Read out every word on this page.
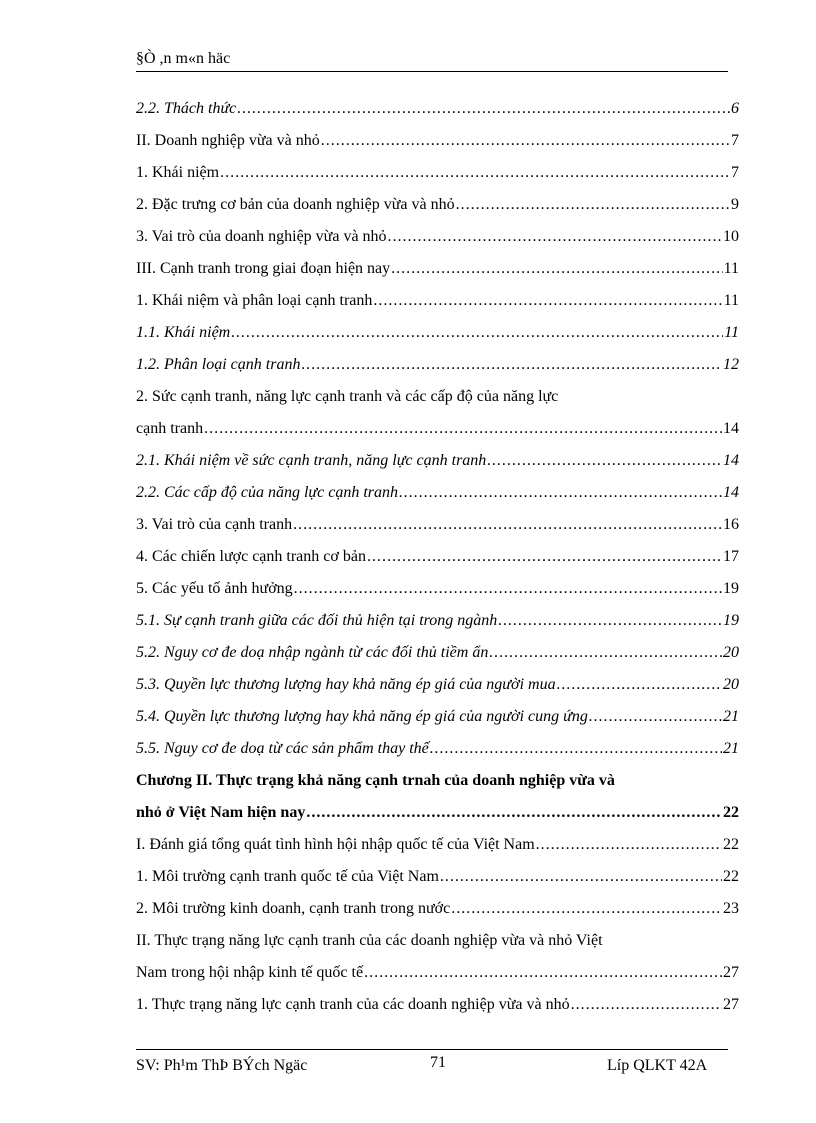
§Ò ,n m«n häc
2.2. Thách thức .....	6
II. Doanh nghiệp vừa và nhỏ .....	7
1. Khái niệm .....	7
2. Đặc trưng cơ bản của doanh nghiệp vừa và nhỏ .....	9
3. Vai trò của doanh nghiệp vừa và nhỏ .....	10
III. Cạnh tranh trong giai đoạn hiện nay .....	11
1. Khái niệm và phân loại cạnh tranh .....	11
1.1. Khái niệm .....	11
1.2. Phân loại cạnh tranh .....	12
2. Sức cạnh tranh, năng lực cạnh tranh và các cấp độ của năng lực
cạnh tranh .....	14
2.1. Khái niệm về sức cạnh tranh, năng lực cạnh tranh .....	14
2.2. Các cấp độ của năng lực cạnh tranh .....	14
3. Vai trò của cạnh tranh .....	16
4. Các chiến lược cạnh tranh cơ bản .....	17
5. Các yếu tố ảnh hưởng .....	19
5.1. Sự cạnh tranh giữa các đối thủ hiện tại trong ngành .....	19
5.2. Nguy cơ đe doạ nhập ngành từ các đối thủ tiềm ẩn .....	20
5.3. Quyền lực thương lượng hay khả năng ép giá của người mua .....	20
5.4. Quyền lực thương lượng hay khả năng ép giá của người cung ứng .....	21
5.5. Nguy cơ đe doạ từ các sản phẩm thay thế .....	21
Chương II. Thực trạng khả năng cạnh trnah của doanh nghiệp vừa và
nhỏ ở Việt Nam hiện nay .....	22
I. Đánh giá tổng quát tình hình hội nhập quốc tế của Việt Nam .....	22
1. Môi trường cạnh tranh quốc tế của Việt Nam .....	22
2. Môi trường kinh doanh, cạnh tranh trong nước .....	23
II. Thực trạng năng lực cạnh tranh của các doanh nghiệp vừa và nhỏ Việt
Nam trong hội nhập kinh tế quốc tế .....	27
1. Thực trạng năng lực cạnh tranh của các doanh nghiệp vừa và nhỏ .....	27
SV: Ph¹m ThÞ BÝch Ngäc	71	Líp QLKT 42A
